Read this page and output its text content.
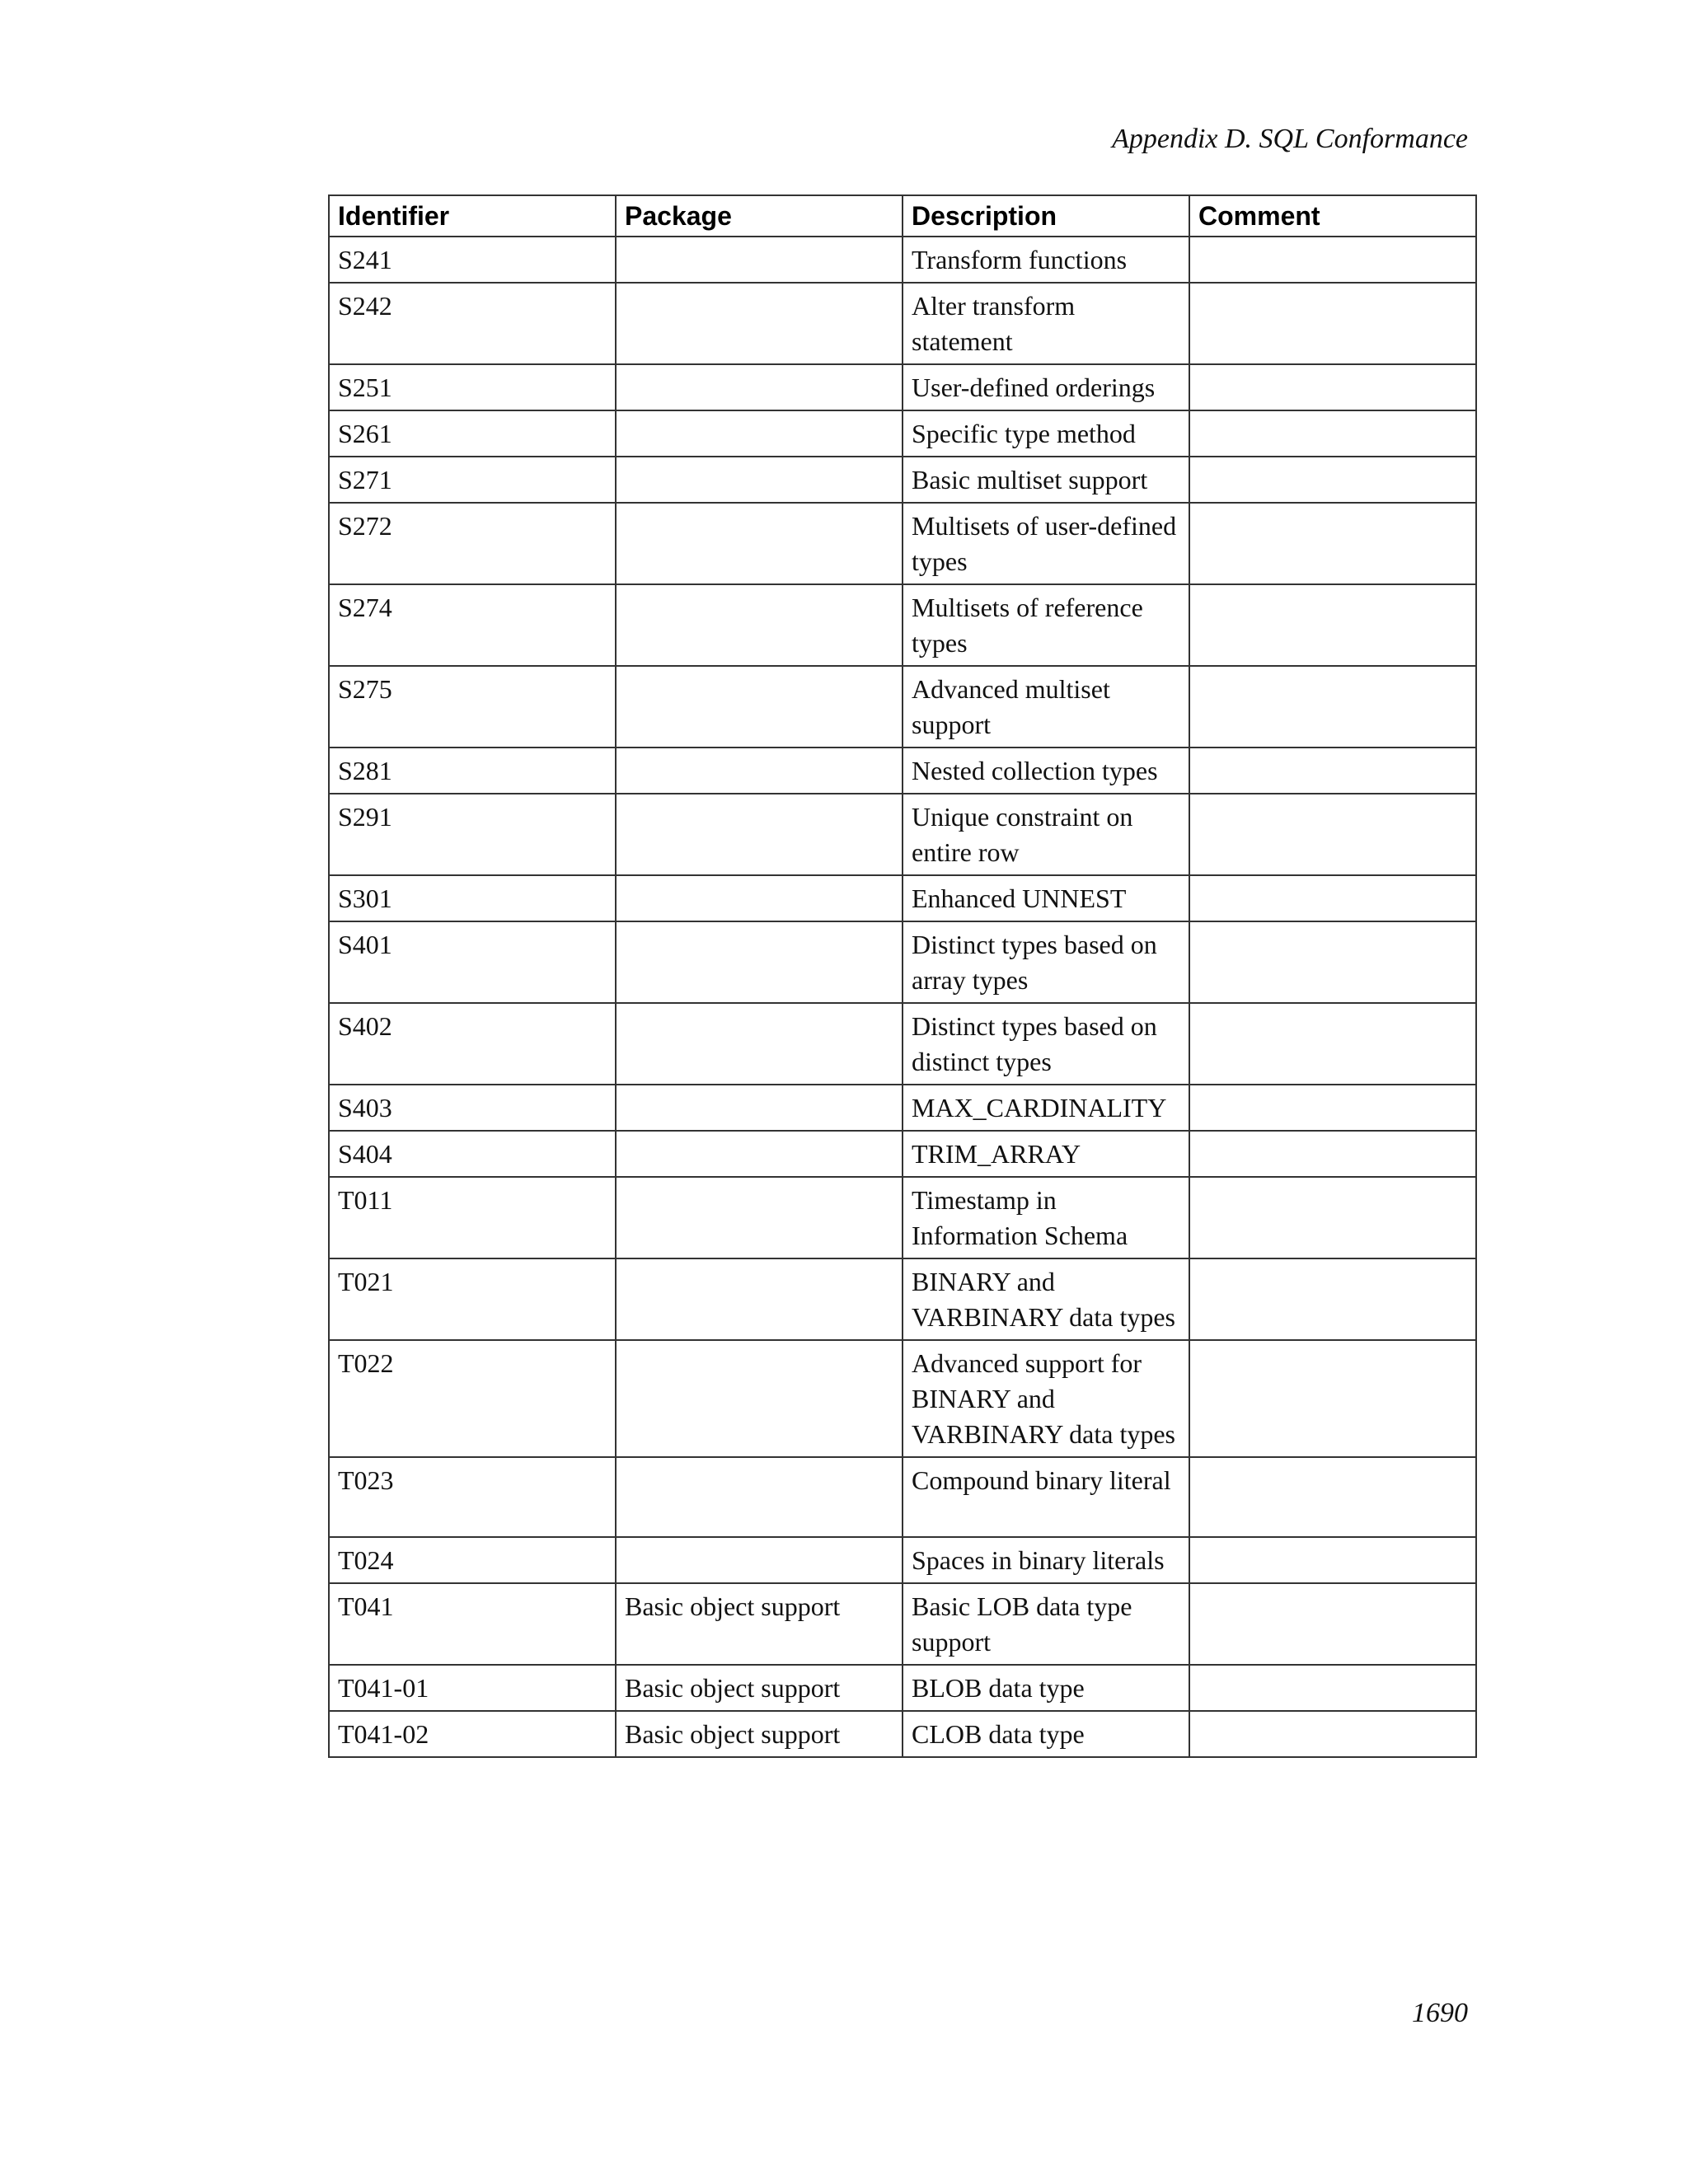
Appendix D. SQL Conformance
Identifier	Package	Description	Comment
S241		Transform functions	
S242		Alter transform statement	
S251		User-defined orderings	
S261		Specific type method	
S271		Basic multiset support	
S272		Multisets of user-defined types	
S274		Multisets of reference types	
S275		Advanced multiset support	
S281		Nested collection types	
S291		Unique constraint on entire row	
S301		Enhanced UNNEST	
S401		Distinct types based on array types	
S402		Distinct types based on distinct types	
S403		MAX_CARDINALITY	
S404		TRIM_ARRAY	
T011		Timestamp in Information Schema	
T021		BINARY and VARBINARY data types	
T022		Advanced support for BINARY and VARBINARY data types	
T023		Compound binary literal	
T024		Spaces in binary literals	
T041	Basic object support	Basic LOB data type support	
T041-01	Basic object support	BLOB data type	
T041-02	Basic object support	CLOB data type	
1690
